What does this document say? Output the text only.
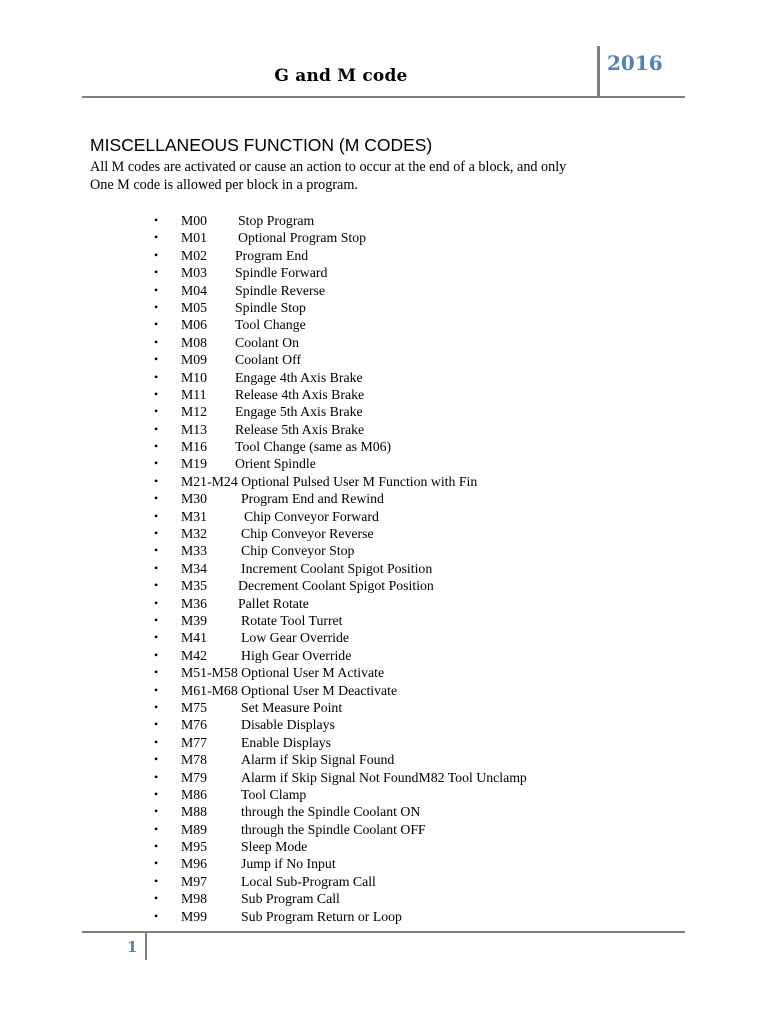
G and M code
2016
MISCELLANEOUS FUNCTION (M CODES)
All M codes are activated or cause an action to occur at the end of a block, and only
One M code is allowed per block in a program.
• M00 Stop Program
• M01 Optional Program Stop
• M02 Program End
• M03 Spindle Forward
• M04 Spindle Reverse
• M05 Spindle Stop
• M06 Tool Change
• M08 Coolant On
• M09 Coolant Off
• M10 Engage 4th Axis Brake
• M11 Release 4th Axis Brake
• M12 Engage 5th Axis Brake
• M13 Release 5th Axis Brake
• M16 Tool Change (same as M06)
• M19 Orient Spindle
• M21-M24 Optional Pulsed User M Function with Fin
• M30 Program End and Rewind
• M31	Chip Conveyor Forward
• M32 Chip Conveyor Reverse
• M33 Chip Conveyor Stop
• M34 Increment Coolant Spigot Position
• M35 Decrement Coolant Spigot Position
• M36 Pallet Rotate
• M39 Rotate Tool Turret
• M41 Low Gear Override
• M42 High Gear Override
• M51-M58 Optional User M Activate
• M61-M68 Optional User M Deactivate
• M75 Set Measure Point
• M76 Disable Displays
• M77 Enable Displays
• M78 Alarm if Skip Signal Found
• M79 Alarm if Skip Signal Not FoundM82 Tool Unclamp
• M86 Tool Clamp
• M88 through the Spindle Coolant ON
• M89 through the Spindle Coolant OFF
• M95 Sleep Mode
• M96 Jump if No Input
• M97 Local Sub-Program Call
• M98 Sub Program Call
• M99 Sub Program Return or Loop
1
